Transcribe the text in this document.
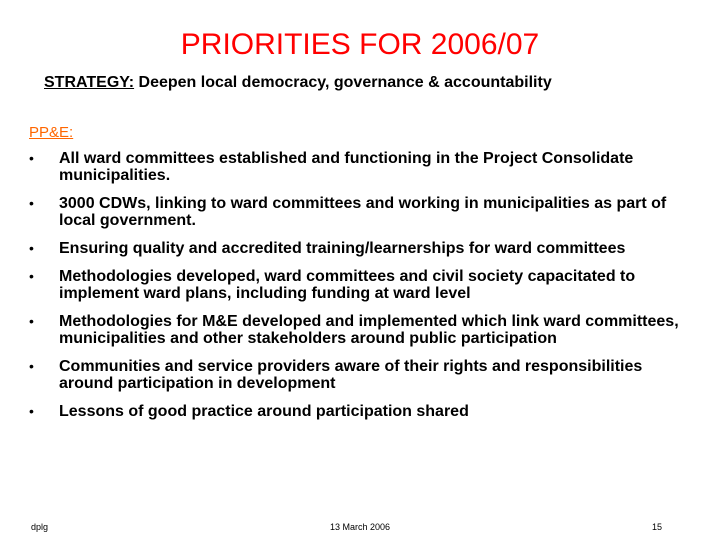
PRIORITIES FOR 2006/07
STRATEGY: Deepen local democracy, governance & accountability
PP&E:
• All ward committees established and functioning in the Project Consolidate municipalities.
• 3000 CDWs, linking to ward committees and working in municipalities as part of local government.
• Ensuring quality and accredited training/learnerships for ward committees
• Methodologies developed, ward committees and civil society capacitated to implement ward plans, including funding at ward level
• Methodologies for M&E developed and implemented which link ward committees, municipalities and other stakeholders around public participation
• Communities and service providers aware of their rights and responsibilities around participation in development
• Lessons of good practice around participation shared
dplg	13 March 2006	15
